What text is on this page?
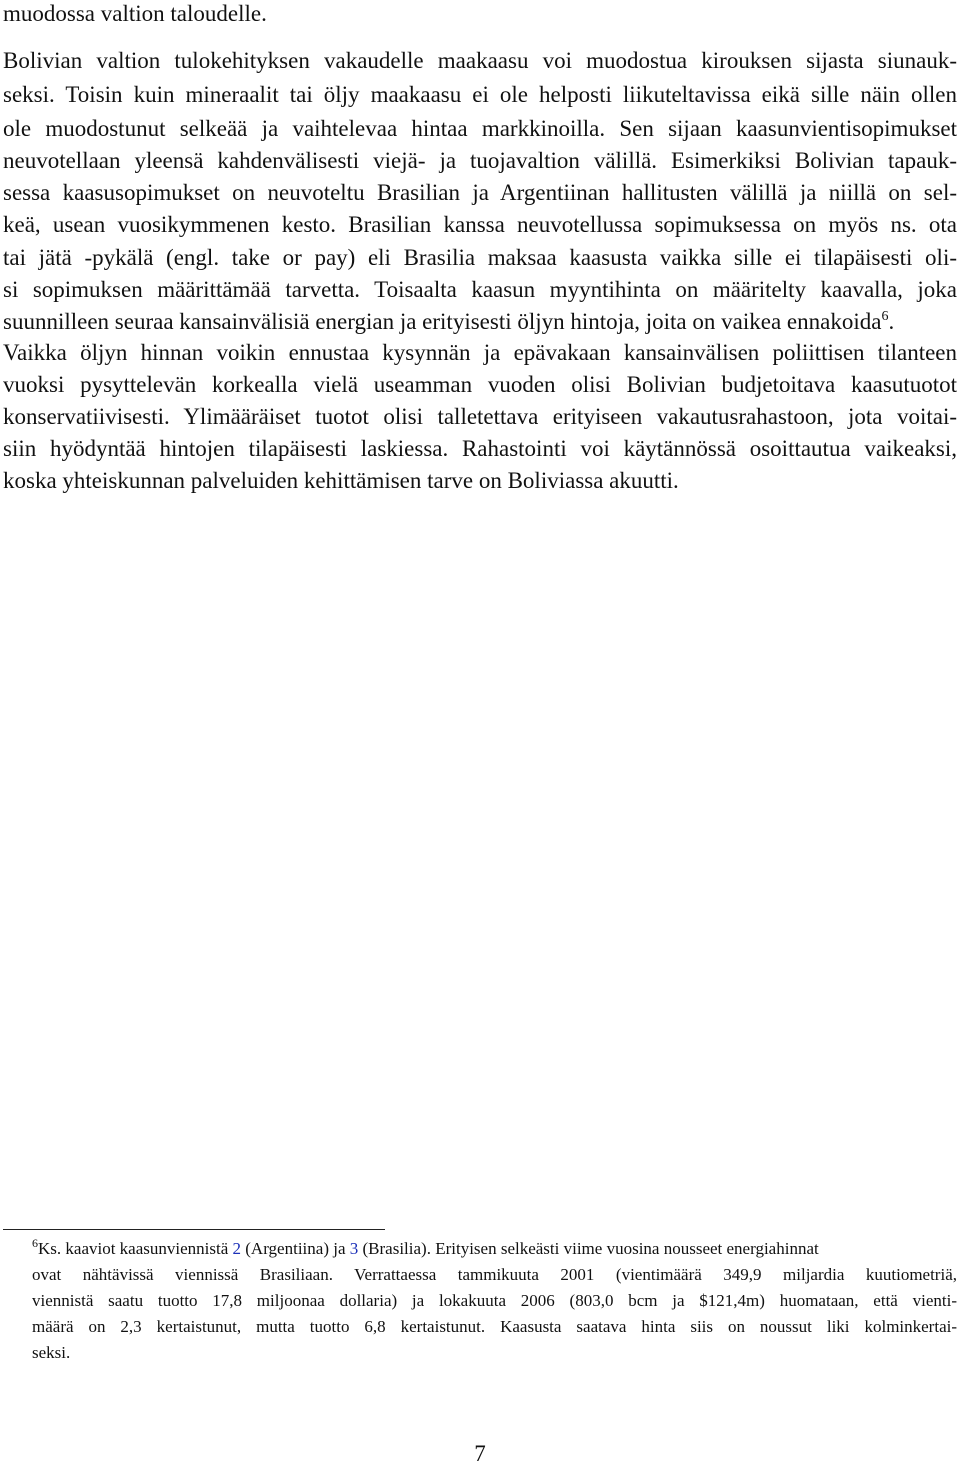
muodossa valtion taloudelle.
Bolivian valtion tulokehityksen vakaudelle maakaasu voi muodostua kirouksen sijasta siunauk-
seksi. Toisin kuin mineraalit tai öljy maakaasu ei ole helposti liikuteltavissa eikä sille näin ollen
ole muodostunut selkeää ja vaihtelevaa hintaa markkinoilla. Sen sijaan kaasunvientisopimukset
neuvotellaan yleensä kahdenvälisesti viejä- ja tuojavaltion välillä. Esimerkiksi Bolivian tapauk-
sessa kaasusopimukset on neuvoteltu Brasilian ja Argentiinan hallitusten välillä ja niillä on sel-
keä, usean vuosikymmenen kesto. Brasilian kanssa neuvotellussa sopimuksessa on myös ns. ota
tai jätä -pykälä (engl. take or pay) eli Brasilia maksaa kaasusta vaikka sille ei tilapäisesti oli-
si sopimuksen määrittämää tarvetta. Toisaalta kaasun myyntihinta on määritelty kaavalla, joka
suunnilleen seuraa kansainvälisiä energian ja erityisesti öljyn hintoja, joita on vaikea ennakoida$^6$.
Vaikka öljyn hinnan voikin ennustaa kysynnän ja epävakaan kansainvälisen poliittisen tilanteen
vuoksi pysyttelevän korkealla vielä useamman vuoden olisi Bolivian budjetoitava kaasutuotot
konservatiivisesti. Ylimääräiset tuotot olisi talletettava erityiseen vakautusrahastoon, jota voitai-
siin hyödyntää hintojen tilapäisesti laskiessa. Rahastointi voi käytännössä osoittautua vaikeaksi,
koska yhteiskunnan palveluiden kehittämisen tarve on Boliviassa akuutti.
$^6$Ks. kaaviot kaasunviennistä 2 (Argentiina) ja 3 (Brasilia). Erityisen selkeästi viime vuosina nousseet energiahinnat
ovat nähtävissä viennissä Brasiliaan. Verrattaessa tammikuuta 2001 (vientimäärä 349,9 miljardia kuutiometriä,
viennistä saatu tuotto 17,8 miljoonaa dollaria) ja lokakuuta 2006 (803,0 bcm ja $121,4m) huomataan, että vienti-
määrä on 2,3 kertaistunut, mutta tuotto 6,8 kertaistunut. Kaasusta saatava hinta siis on noussut liki kolminkertai-
seksi.
7
